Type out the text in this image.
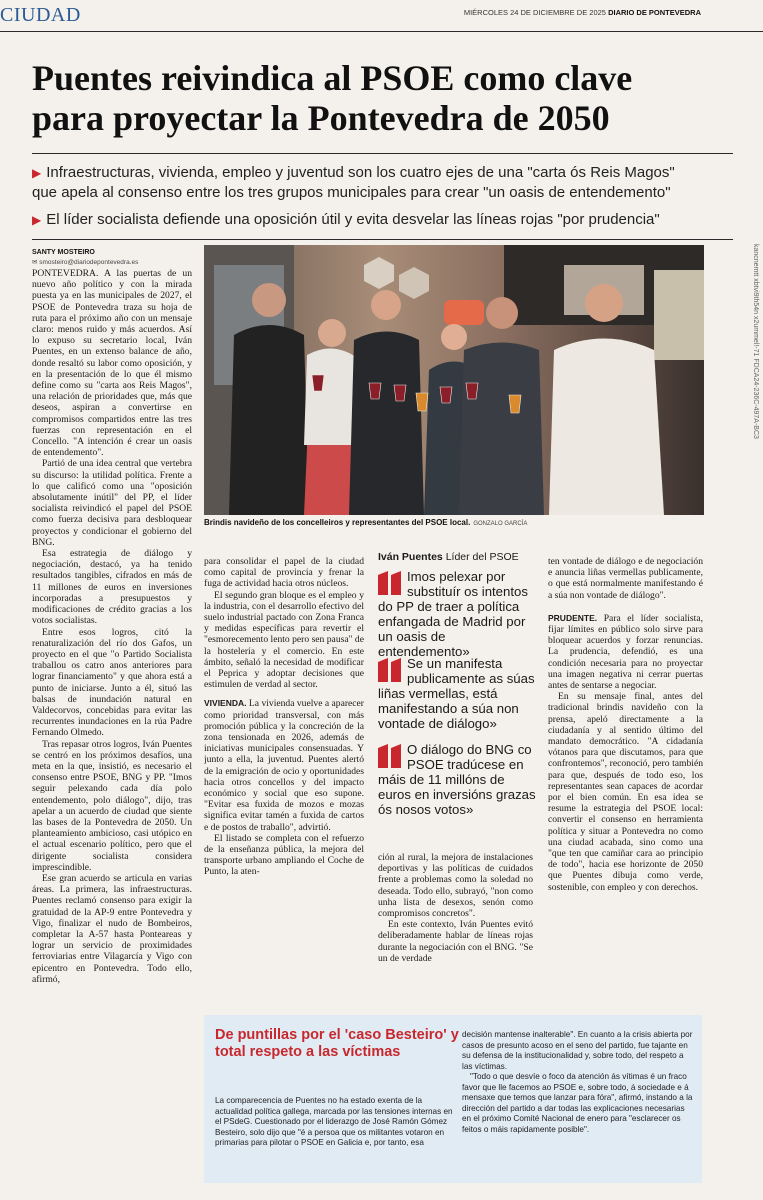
CIUDAD	MIÉRCOLES 24 DE DICIEMBRE DE 2025 DIARIO DE PONTEVEDRA
Puentes reivindica al PSOE como clave
para proyectar la Pontevedra de 2050
▶ Infraestructuras, vivienda, empleo y juventud son los cuatro ejes de una "carta ós Reis Magos"
que apela al consenso entre los tres grupos municipales para crear "un oasis de entendemento"
▶ El líder socialista defiende una oposición útil y evita desvelar las líneas rojas "por prudencia"
SANTY MOSTEIRO
✉ smosteiro@diariodepontevedra.es

PONTEVEDRA. A las puertas de un nuevo año político y con la mirada puesta ya en las municipales de 2027, el PSOE de Pontevedra traza su hoja de ruta para el próximo año con un mensaje claro: menos ruido y más acuerdos. Así lo expuso su secretario local, Iván Puentes, en un extenso balance de año, donde resaltó su labor como oposición, y en la presentación de lo que él mismo define como su "carta aos Reis Magos", una relación de prioridades que, más que deseos, aspiran a convertirse en compromisos compartidos entre las tres fuerzas con representación en el Concello. "A intención é crear un oasis de entendemento".

Partió de una idea central que vertebra su discurso: la utilidad política. Frente a lo que calificó como una "oposición absolutamente inútil" del PP, el líder socialista reivindicó el papel del PSOE como fuerza decisiva para desbloquear proyectos y condicionar el gobierno del BNG.

Esa estrategia de diálogo y negociación, destacó, ya ha tenido resultados tangibles, cifrados en más de 11 millones de euros en inversiones incorporadas a presupuestos y modificaciones de crédito gracias a los votos socialistas.

Entre esos logros, citó la renaturalización del río dos Gafos, un proyecto en el que "o Partido Socialista traballou os catro anos anteriores para lograr financiamento" y que ahora está a punto de iniciarse. Junto a él, situó las balsas de inundación natural en Valdecorvos, concebidas para evitar las recurrentes inundaciones en la rúa Padre Fernando Olmedo.

Tras repasar otros logros, Iván Puentes se centró en los próximos desafíos, una meta en la que, insistió, es necesario el consenso entre PSOE, BNG y PP. "Imos seguir pelexando cada día polo entendemento, polo diálogo", dijo, tras apelar a un acuerdo de ciudad que siente las bases de la Pontevedra de 2050. Un planteamiento ambicioso, casi utópico en el actual escenario político, pero que el dirigente socialista considera imprescindible.

Ese gran acuerdo se articula en varias áreas. La primera, las infraestructuras. Puentes reclamó consenso para exigir la gratuidad de la AP-9 entre Pontevedra y Vigo, finalizar el nudo de Bombeiros, completar la A-57 hasta Ponteareas y lograr un servicio de proximidades ferroviarias entre Vilagarcía y Vigo con epicentro en Pontevedra. Todo ello, afirmó,

Brindis navideño de los concelleiros y representantes del PSOE local. GONZALO GARCÍA

para consolidar el papel de la ciudad como capital de provincia y frenar la fuga de actividad hacia otros núcleos.

El segundo gran bloque es el empleo y la industria, con el desarrollo efectivo del suelo industrial pactado con Zona Franca y medidas específicas para revertir el "esmorecemento lento pero sen pausa" de la hostelería y el comercio. En este ámbito, señaló la necesidad de modificar el Peprica y adoptar decisiones que estimulen de verdad al sector.

VIVIENDA. La vivienda vuelve a aparecer como prioridad transversal, con más promoción pública y la concreción de la zona tensionada en 2026, además de iniciativas municipales consensuadas. Y junto a ella, la juventud. Puentes alertó de la emigración de ocio y oportunidades hacia otros concellos y del impacto económico y social que eso supone. "Evitar esa fuxida de mozos e mozas significa evitar tamén a fuxida de cartos e de postos de traballo", advirtió.

El listado se completa con el refuerzo de la enseñanza pública, la mejora del transporte urbano ampliando el Coche de Punto, la aten-

Iván Puentes Líder del PSOE
Imos pelexar por substituír os intentos do PP de traer a política enfangada de Madrid por un oasis de entendemento»
Se un manifesta publicamente as súas liñas vermellas, está manifestando a súa non vontade de diálogo»
O diálogo do BNG co PSOE tradúcese en máis de 11 millóns de euros en inversións grazas ós nosos votos»

ción al rural, la mejora de instalaciones deportivas y las políticas de cuidados frente a problemas como la soledad no deseada. Todo ello, subrayó, "non como unha lista de desexos, senón como compromisos concretos".

En este contexto, Iván Puentes evitó deliberadamente hablar de líneas rojas durante la negociación con el BNG. "Se un de verdade

ten vontade de diálogo e de negociación e anuncia liñas vermellas publicamente, o que está normalmente manifestando é a súa non vontade de diálogo".

PRUDENTE. Para el líder socialista, fijar límites en público solo sirve para bloquear acuerdos y forzar renuncias. La prudencia, defendió, es una condición necesaria para no proyectar una imagen negativa ni cerrar puertas antes de sentarse a negociar.

En su mensaje final, antes del tradicional brindis navideño con la prensa, apeló directamente a la ciudadanía y al sentido último del mandato democrático. "A cidadanía vótanos para que discutamos, para que confrontemos", reconoció, pero también para que, después de todo eso, los representantes sean capaces de acordar por el bien común. En esa idea se resume la estrategia del PSOE local: convertir el consenso en herramienta política y situar a Pontevedra no como una ciudad acabada, sino como una "que ten que camiñar cara ao principio de todo", hacia ese horizonte de 2050 que Puentes dibuja como verde, sostenible, con empleo y con derechos.

De puntillas por el 'caso Besteiro' y total respeto a las víctimas

La comparecencia de Puentes no ha estado exenta de la actualidad política gallega, marcada por las tensiones internas en el PSdeG. Cuestionado por el liderazgo de José Ramón Gómez Besteiro, solo dijo que "é a persoa que os militantes votaron en primarias para pilotar o PSOE en Galicia e, por tanto, esa

decisión mantense inalterable". En cuanto a la crisis abierta por casos de presunto acoso en el seno del partido, fue tajante en su defensa de la institucionalidad y, sobre todo, del respeto a las víctimas.

"Todo o que desvíe o foco da atención ás vítimas é un fraco favor que lle facemos ao PSOE e, sobre todo, á sociedade e á mensaxe que temos que lanzar para fóra", afirmó, instando a la dirección del partido a dar todas las explicaciones necesarias en el próximo Comité Nacional de enero para "esclarecer os feitos o máis rapidamente posible".

kancnemtt xbtvi9th54n x2ummel!-71 FDCA24-236C-497A-BC3
